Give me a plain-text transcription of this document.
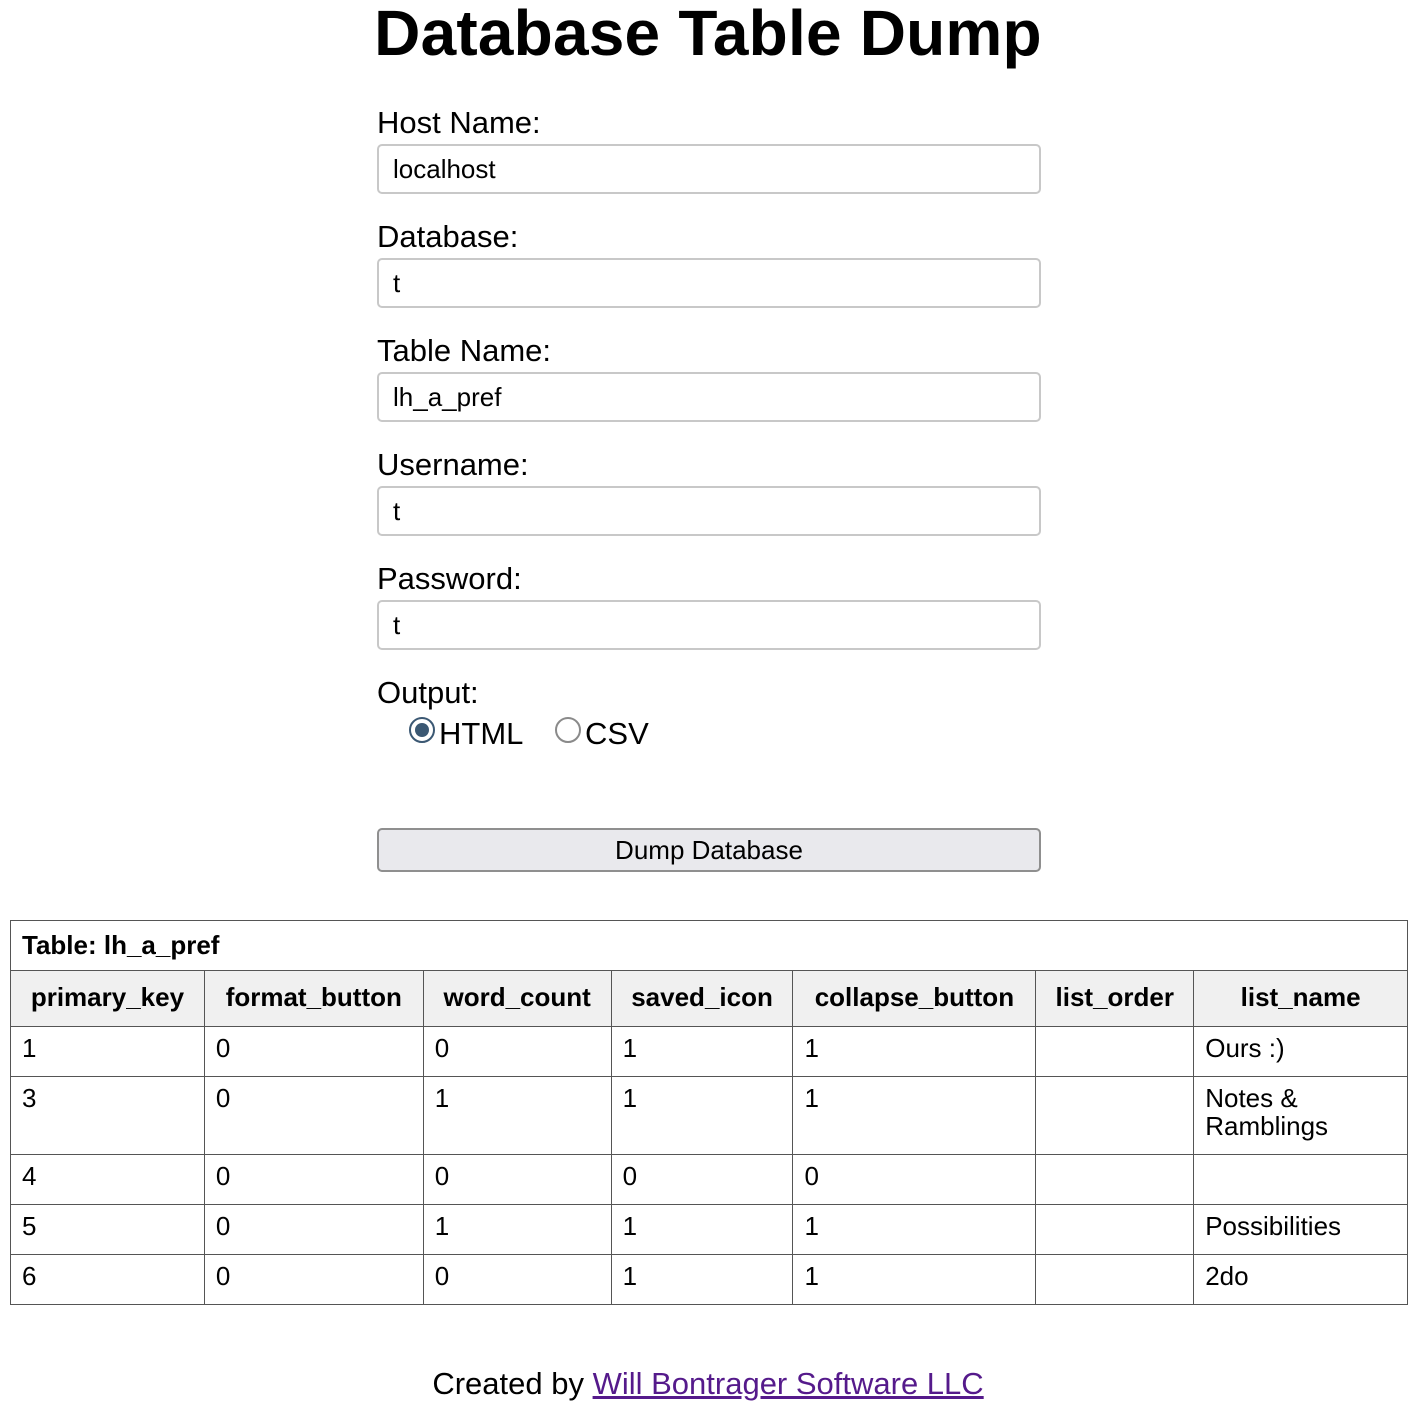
Database Table Dump
Host Name:
localhost
Database:
t
Table Name:
lh_a_pref
Username:
t
Password:
t
Output:
HTML CSV
Dump Database
Table: lh_a_pref						
primary_key	format_button	word_count	saved_icon	collapse_button	list_order	list_name
1	0	0	1	1		Ours :)
3	0	1	1	1		Notes & Ramblings
4	0	0	0	0		
5	0	1	1	1		Possibilities
6	0	0	1	1		2do
Created by Will Bontrager Software LLC
